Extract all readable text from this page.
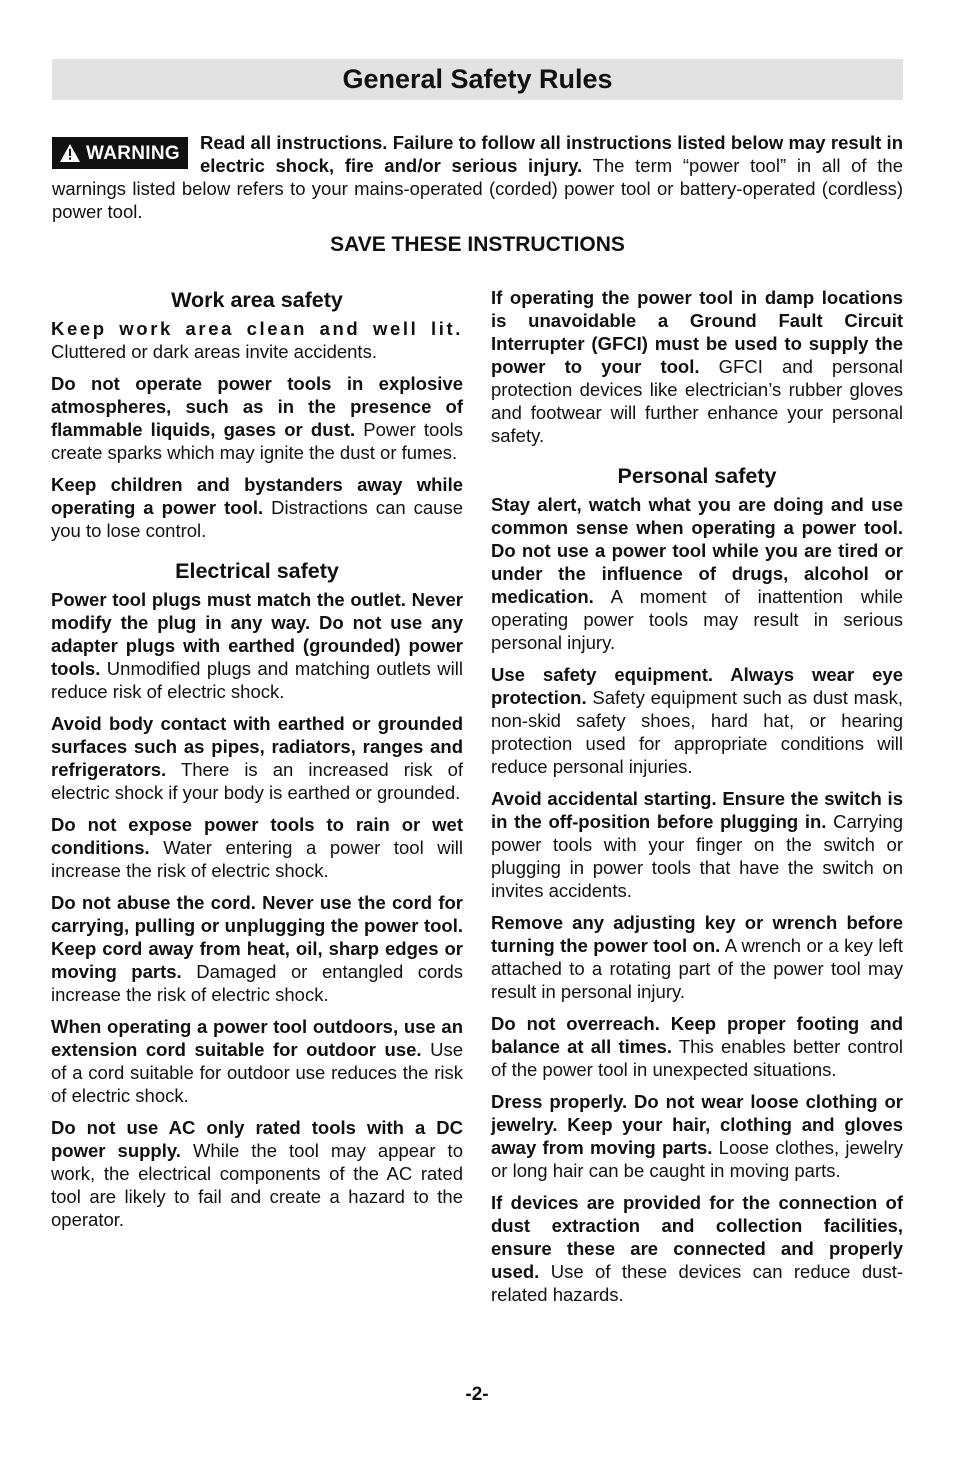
General Safety Rules
WARNING Read all instructions. Failure to follow all instructions listed below may result in electric shock, fire and/or serious injury. The term “power tool” in all of the warnings listed below refers to your mains-operated (corded) power tool or battery-operated (cordless) power tool.
SAVE THESE INSTRUCTIONS
Work area safety

Keep work area clean and well lit. Cluttered or dark areas invite accidents.

Do not operate power tools in explosive atmospheres, such as in the presence of flammable liquids, gases or dust. Power tools create sparks which may ignite the dust or fumes.

Keep children and bystanders away while operating a power tool. Distractions can cause you to lose control.

Electrical safety

Power tool plugs must match the outlet. Never modify the plug in any way. Do not use any adapter plugs with earthed (grounded) power tools. Unmodified plugs and matching outlets will reduce risk of electric shock.

Avoid body contact with earthed or grounded surfaces such as pipes, radiators, ranges and refrigerators. There is an increased risk of electric shock if your body is earthed or grounded.

Do not expose power tools to rain or wet conditions. Water entering a power tool will increase the risk of electric shock.

Do not abuse the cord. Never use the cord for carrying, pulling or unplugging the power tool. Keep cord away from heat, oil, sharp edges or moving parts. Damaged or entangled cords increase the risk of electric shock.

When operating a power tool outdoors, use an extension cord suitable for outdoor use. Use of a cord suitable for outdoor use reduces the risk of electric shock.

Do not use AC only rated tools with a DC power supply. While the tool may appear to work, the electrical components of the AC rated tool are likely to fail and create a hazard to the operator.

If operating the power tool in damp locations is unavoidable a Ground Fault Circuit Interrupter (GFCI) must be used to supply the power to your tool. GFCI and personal protection devices like electrician’s rubber gloves and footwear will further enhance your personal safety.

Personal safety

Stay alert, watch what you are doing and use common sense when operating a power tool. Do not use a power tool while you are tired or under the influence of drugs, alcohol or medication. A moment of inattention while operating power tools may result in serious personal injury.

Use safety equipment. Always wear eye protection. Safety equipment such as dust mask, non-skid safety shoes, hard hat, or hearing protection used for appropriate conditions will reduce personal injuries.

Avoid accidental starting. Ensure the switch is in the off-position before plugging in. Carrying power tools with your finger on the switch or plugging in power tools that have the switch on invites accidents.

Remove any adjusting key or wrench before turning the power tool on. A wrench or a key left attached to a rotating part of the power tool may result in personal injury.

Do not overreach. Keep proper footing and balance at all times. This enables better control of the power tool in unexpected situations.

Dress properly. Do not wear loose clothing or jewelry. Keep your hair, clothing and gloves away from moving parts. Loose clothes, jewelry or long hair can be caught in moving parts.

If devices are provided for the connection of dust extraction and collection facilities, ensure these are connected and properly used. Use of these devices can reduce dust-related hazards.

-2-
